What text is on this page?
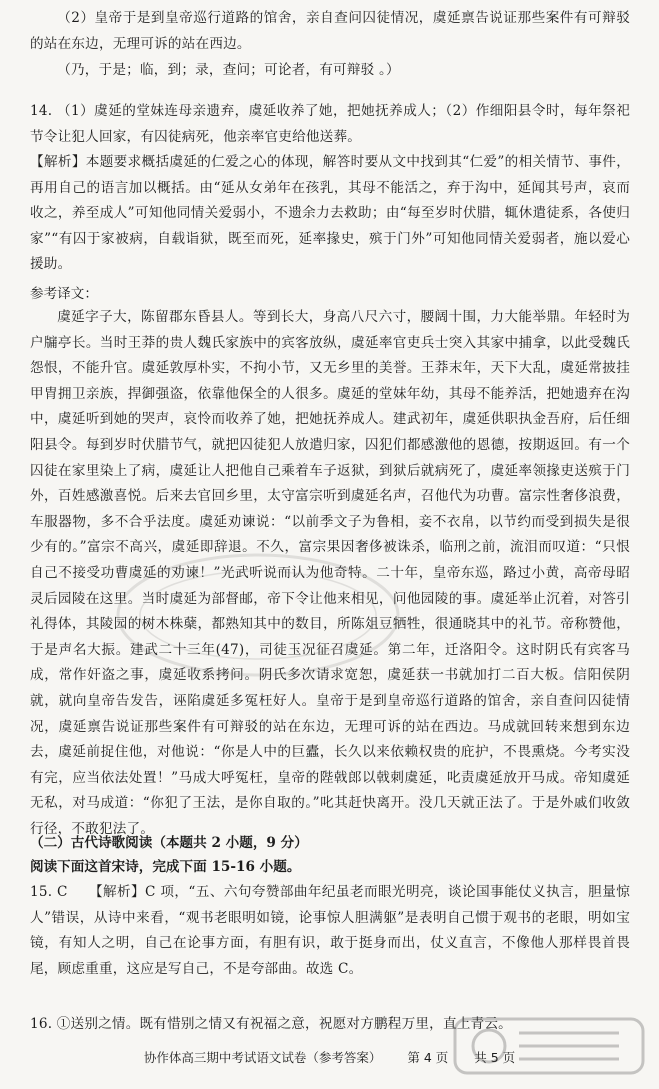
（2）皇帝于是到皇帝巡行道路的馆舍，亲自查问囚徒情况，虞延禀告说证那些案件有可辩驳的站在东边，无理可诉的站在西边。

（乃，于是；临，到；录，查问；可论者，有可辩驳 。）

14. （1）虞延的堂妹连母亲遗弃，虞延收养了她，把她抚养成人；（2）作细阳县令时，每年祭祀节令让犯人回家，有囚徒病死，他亲率官吏给他送葬。

【解析】本题要求概括虞延的仁爱之心的体现，解答时要从文中找到其“仁爱”的相关情节、事件，再用自己的语言加以概括。由“延从女弟年在孩乳，其母不能活之，弃于沟中，延闻其号声，哀而收之，养至成人”可知他同情关爱弱小，不遗余力去救助；由“每至岁时伏腊，辄休遣徒系，各使归家”“有囚于家被病，自载诣狱，既至而死，延率掾史，殡于门外”可知他同情关爱弱者，施以爱心援助。

参考译文：

虞延字子大，陈留郡东昏县人。等到长大，身高八尺六寸，腰阔十围，力大能举鼎。年轻时为户牖亭长。当时王莽的贵人魏氏家族中的宾客放纵，虞延率官吏兵士突入其家中捕拿，以此受魏氏怨恨，不能升官。虞延敦厚朴实，不拘小节，又无乡里的美誉。王莽末年，天下大乱，虞延常披挂甲胄拥卫亲族，捍御强盗，依靠他保全的人很多。虞延的堂妹年幼，其母不能养活，把她遗弃在沟中，虞延听到她的哭声，哀怜而收养了她，把她抚养成人。建武初年，虞延供职执金吾府，后任细阳县令。每到岁时伏腊节气，就把囚徒犯人放遣归家，囚犯们都感激他的恩德，按期返回。有一个囚徒在家里染上了病，虞延让人把他自己乘着车子返狱，到狱后就病死了，虞延率领掾吏送殡于门外，百姓感激喜悦。后来去官回乡里，太守富宗听到虞延名声，召他代为功曹。富宗性奢侈浪费，车服器物，多不合乎法度。虞延劝谏说：“以前季文子为鲁相，妾不衣帛，以节约而受到损失是很少有的。”富宗不高兴，虞延即辞退。不久，富宗果因奢侈被诛杀，临刑之前，流泪而叹道：“只恨自己不接受功曹虞延的劝谏！”光武听说而认为他奇特。二十年，皇帝东巡，路过小黄，高帝母昭灵后园陵在这里。当时虞延为部督邮，帝下令让他来相见，问他园陵的事。虞延举止沉着，对答引礼得体，其陵园的树木株蘖，都熟知其中的数目，所陈俎豆牺牲，很通晓其中的礼节。帝称赞他，于是声名大振。建武二十三年(47)，司徒玉况征召虞延。第二年，迁洛阳令。这时阴氏有宾客马成，常作奸盗之事，虞延收系拷问。阴氏多次请求宽恕，虞延获一书就加打二百大板。信阳侯阴就，就向皇帝告发告，诬陷虞延多冤枉好人。皇帝于是到皇帝巡行道路的馆舍，亲自查问囚徒情况，虞延禀告说证那些案件有可辩驳的站在东边，无理可诉的站在西边。马成就回转来想到东边去，虞延前捉住他，对他说：“你是人中的巨蠹，长久以来依赖权贵的庇护，不畏熏烧。今考实没有完，应当依法处置！”马成大呼冤枉，皇帝的陛戟郎以戟刺虞延，叱责虞延放开马成。帝知虞延无私，对马成道：“你犯了王法，是你自取的。”叱其赶快离开。没几天就正法了。于是外戚们收敛行径，不敢犯法了。

（二）古代诗歌阅读（本题共 2 小题，9 分）

阅读下面这首宋诗，完成下面 15-16 小题。

15. C　　【解析】C 项，“五、六句夸赞部曲年纪虽老而眼光明亮，谈论国事能仗义执言，胆量惊人”错误，从诗中来看，“观书老眼明如镜，论事惊人胆满躯”是表明自己惯于观书的老眼，明如宝镜，有知人之明，自己在论事方面，有胆有识，敢于挺身而出，仗义直言，不像他人那样畏首畏尾，顾虑重重，这应是写自己，不是夸部曲。故选 C。

16. ①送别之情。既有惜别之情又有祝福之意，祝愿对方鹏程万里，直上青云。

协作体高三期中考试语文试卷（参考答案） 第 4 页 共 5 页
